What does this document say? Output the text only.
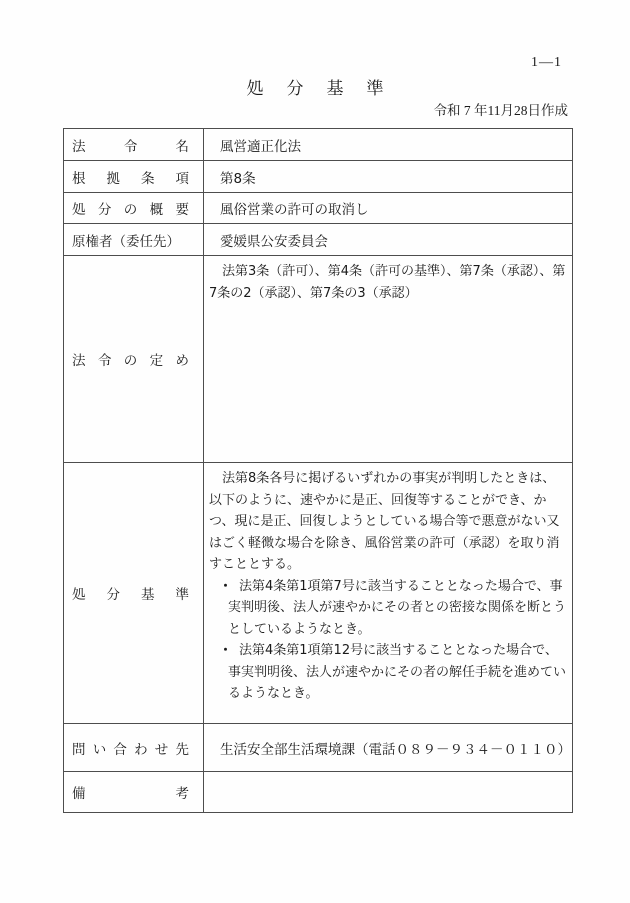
1―1
処　分　基　準
令和 7 年11月28日作成
法 令 名	風営適正化法

根 拠 条 項	第8条

処 分 の 概 要	風俗営業の許可の取消し

原権者（委任先）	愛媛県公安委員会

法 令 の 定 め	法第3条（許可）、第4条（許可の基準）、第7条（承認）、第7条の2（承認）、第7条の3（承認）

処 分 基 準

法第8条各号に掲げるいずれかの事実が判明したときは、以下のように、速やかに是正、回復等することができ、かつ、現に是正、回復しようとしている場合等で悪意がない又はごく軽微な場合を除き、風俗営業の許可（承認）を取り消すこととする。

・ 法第4条第1項第7号に該当することとなった場合で、事実判明後、法人が速やかにその者との密接な関係を断とうとしているようなとき。

・ 法第4条第1項第12号に該当することとなった場合で、事実判明後、法人が速やかにその者の解任手続を進めているようなとき。

問 い 合 わ せ 先	生活安全部生活環境課（電話０８９－９３４－０１１０）

備 考	
